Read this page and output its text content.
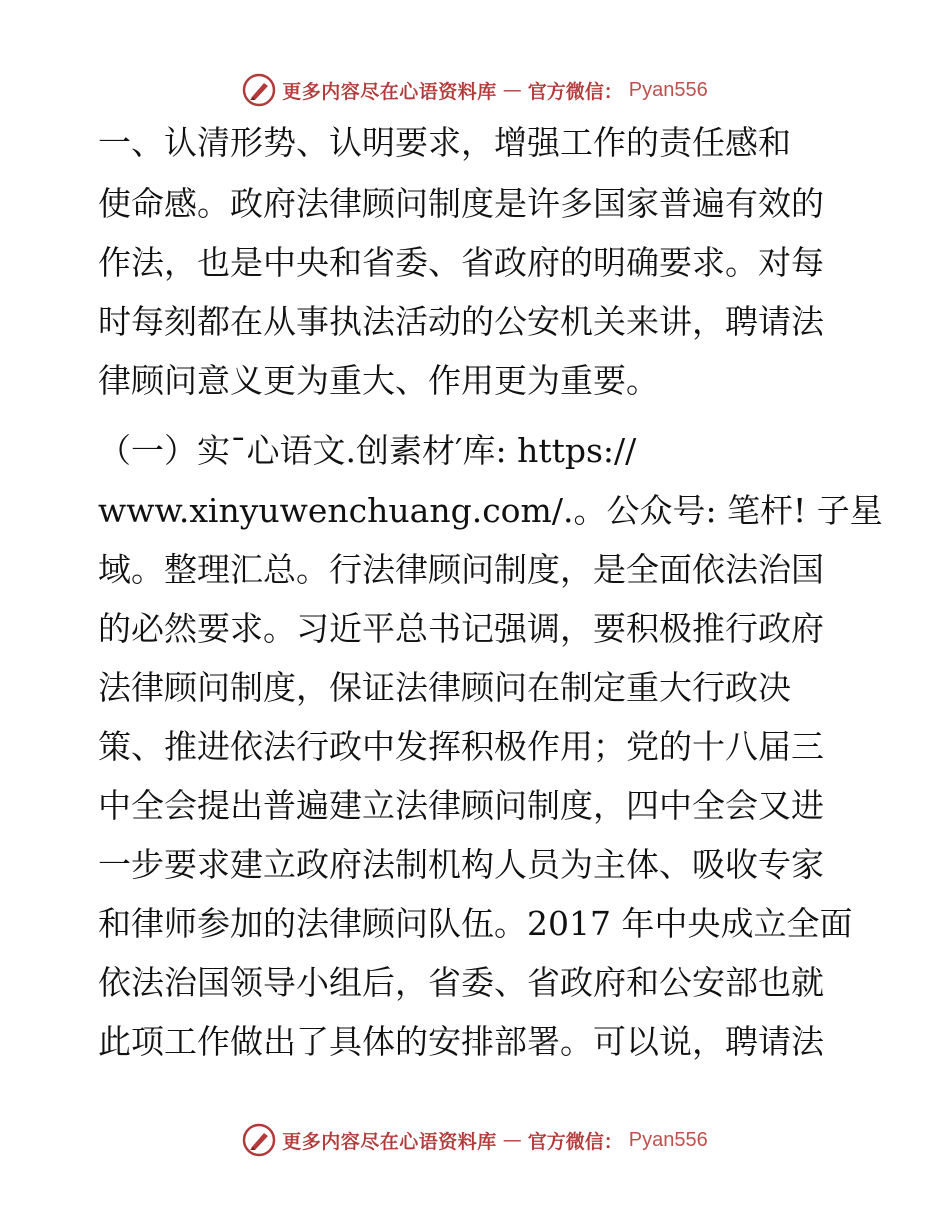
更多内容尽在心语资料库 — 官方微信： Pyan556
一、认清形势、认明要求，增强工作的责任感和
使命感。政府法律顾问制度是许多国家普遍有效的
作法，也是中央和省委、省政府的明确要求。对每
时每刻都在从事执法活动的公安机关来讲，聘请法
律顾问意义更为重大、作用更为重要。
（一）实¯心语文.创素材′库: https://
www.xinyuwenchuang.com/.。公众号: 笔杆! 子星
域。整理汇总。行法律顾问制度，是全面依法治国
的必然要求。习近平总书记强调，要积极推行政府
法律顾问制度，保证法律顾问在制定重大行政决
策、推进依法行政中发挥积极作用；党的十八届三
中全会提出普遍建立法律顾问制度，四中全会又进
一步要求建立政府法制机构人员为主体、吸收专家
和律师参加的法律顾问队伍。2017 年中央成立全面
依法治国领导小组后，省委、省政府和公安部也就
此项工作做出了具体的安排部署。可以说，聘请法
更多内容尽在心语资料库 — 官方微信： Pyan556
